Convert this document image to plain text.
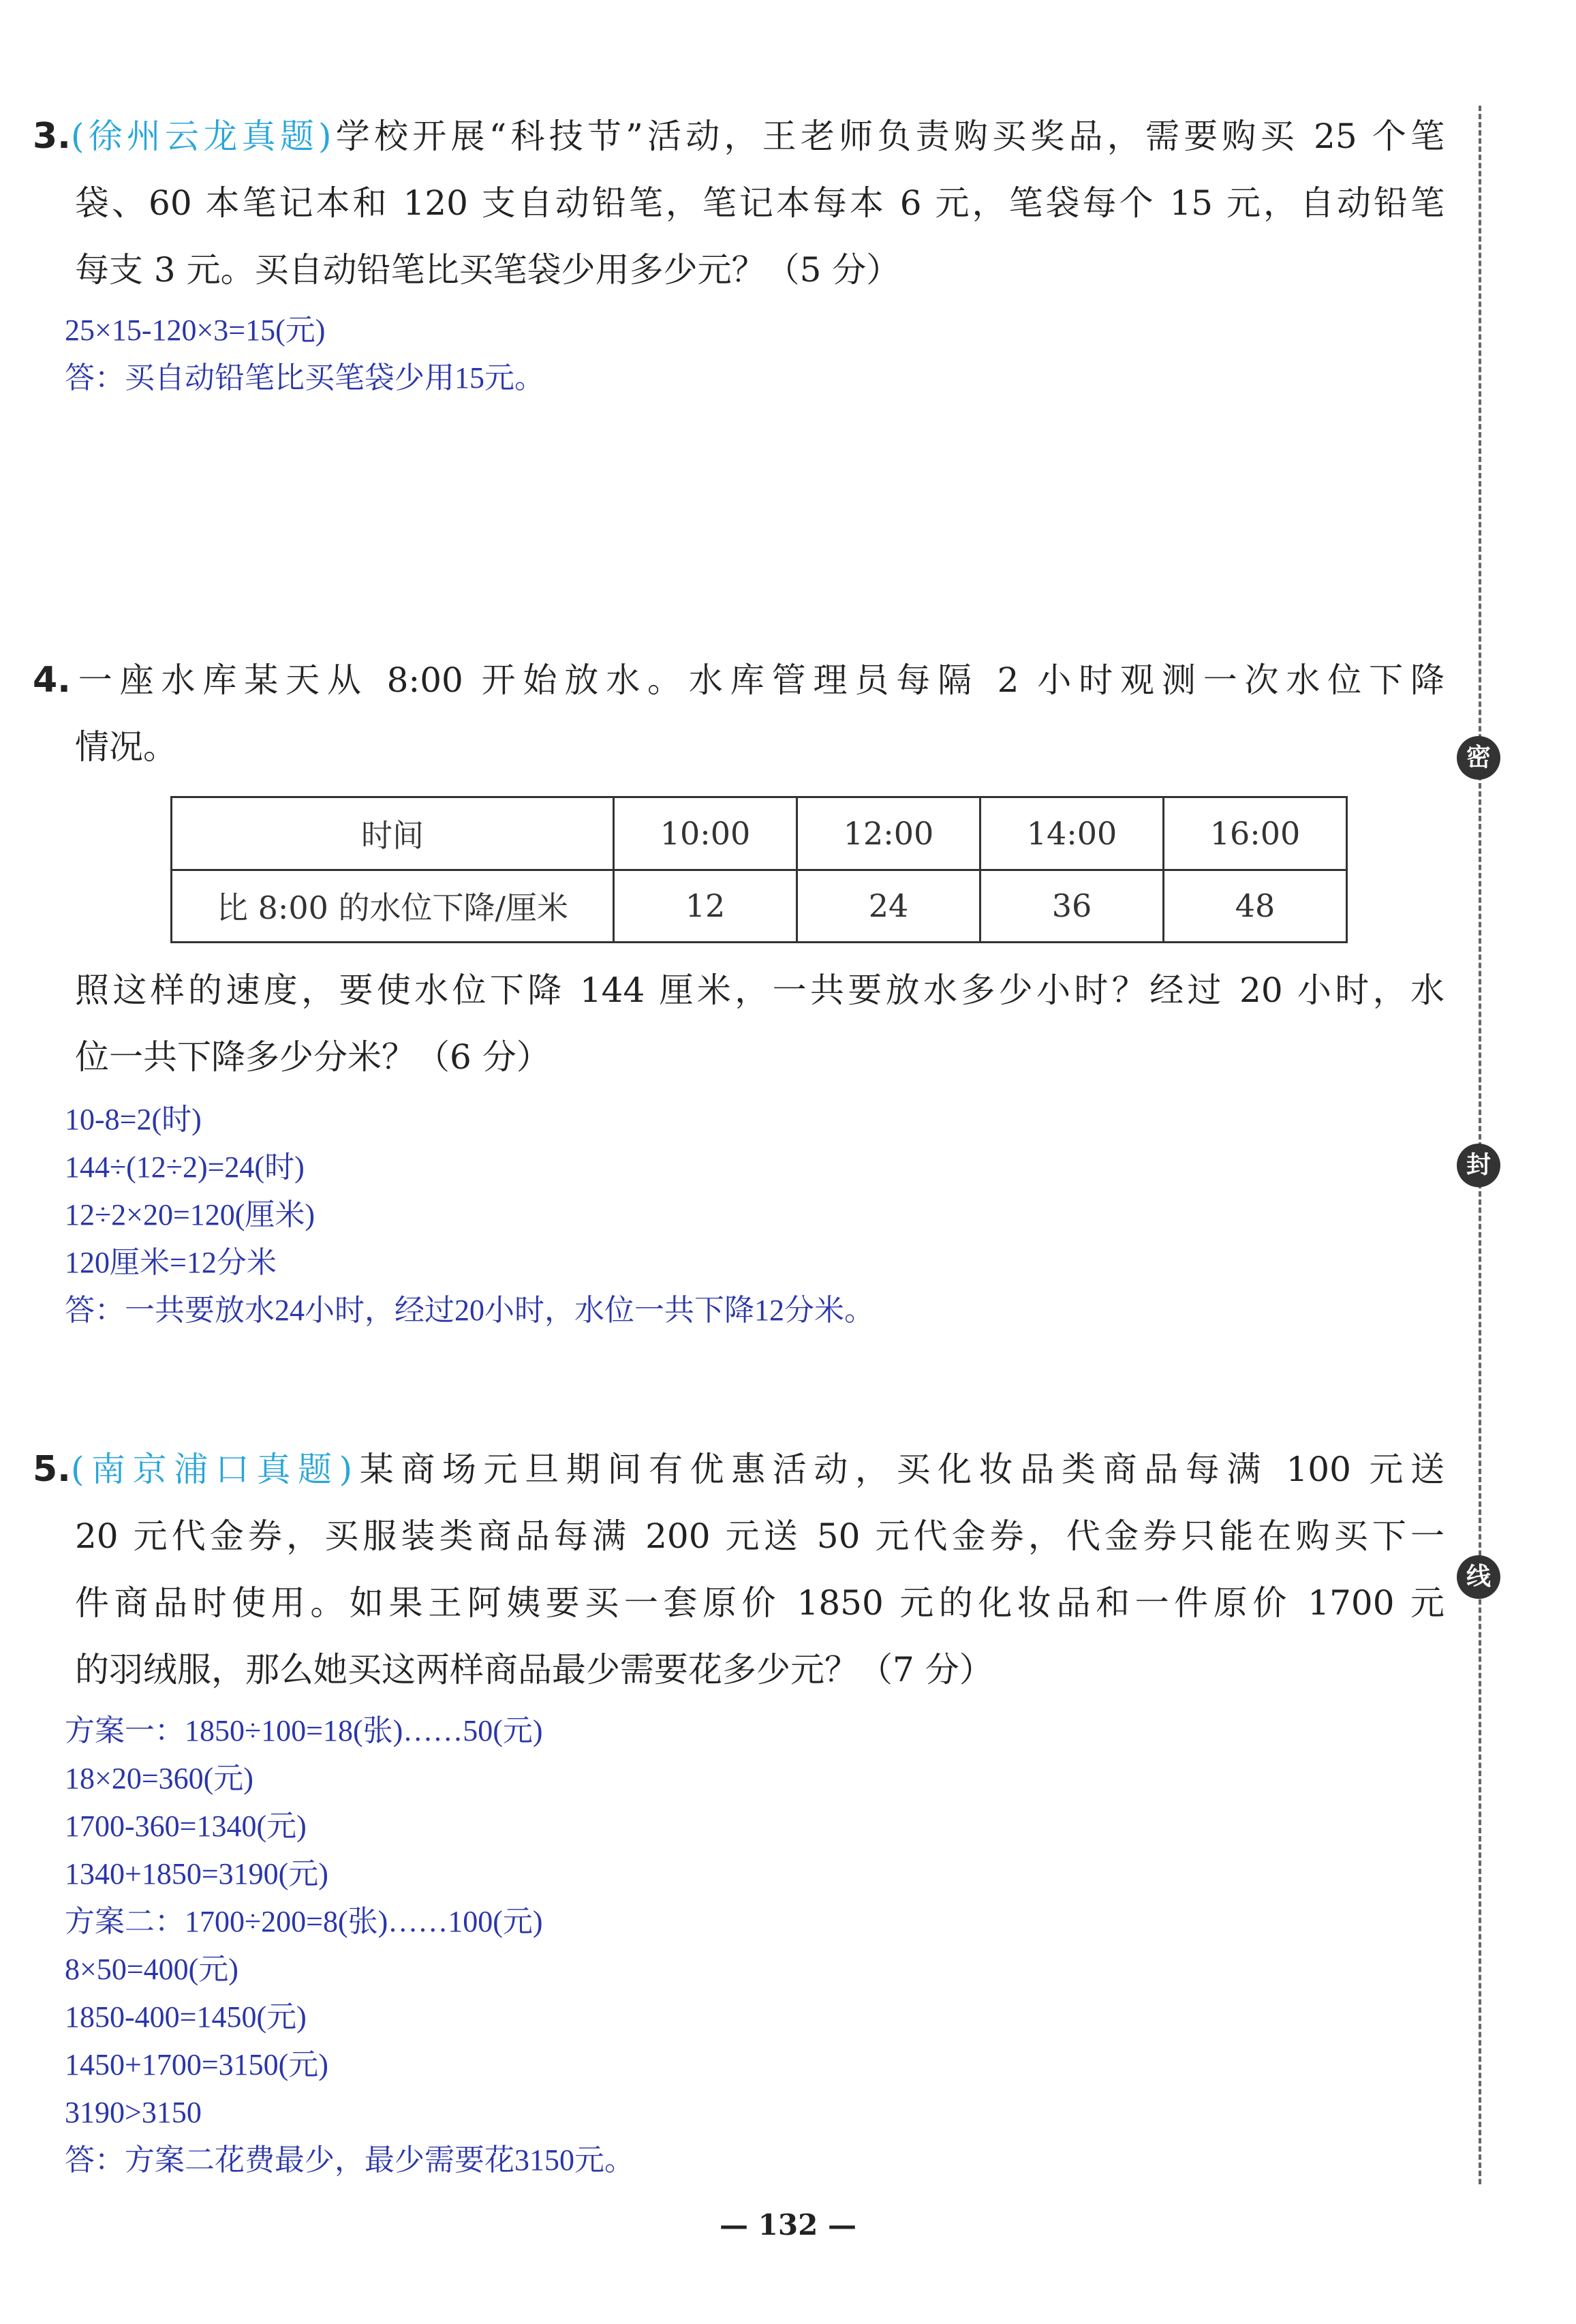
3.(徐州云龙真题)学校开展“科技节”活动，王老师负责购买奖品，需要购买 25 个笔
袋、60 本笔记本和 120 支自动铅笔，笔记本每本 6 元，笔袋每个 15 元，自动铅笔
每支 3 元。买自动铅笔比买笔袋少用多少元？（5 分）
25×15-120×3=15(元)
答：买自动铅笔比买笔袋少用15元。
4.一座水库某天从 8:00 开始放水。水库管理员每隔 2 小时观测一次水位下降
情况。
时间	10:00	12:00	14:00	16:00
比 8:00 的水位下降/厘米	12	24	36	48
照这样的速度，要使水位下降 144 厘米，一共要放水多少小时？经过 20 小时，水
位一共下降多少分米？（6 分）
10-8=2(时)
144÷(12÷2)=24(时)
12÷2×20=120(厘米)
120厘米=12分米
答：一共要放水24小时，经过20小时，水位一共下降12分米。
5.(南京浦口真题)某商场元旦期间有优惠活动，买化妆品类商品每满 100 元送
20 元代金券，买服装类商品每满 200 元送 50 元代金券，代金券只能在购买下一
件商品时使用。如果王阿姨要买一套原价 1850 元的化妆品和一件原价 1700 元
的羽绒服，那么她买这两样商品最少需要花多少元？（7 分）
方案一：1850÷100=18(张)……50(元)
18×20=360(元)
1700-360=1340(元)
1340+1850=3190(元)
方案二：1700÷200=8(张)……100(元)
8×50=400(元)
1850-400=1450(元)
1450+1700=3150(元)
3190>3150
答：方案二花费最少，最少需要花3150元。
密
封
线
— 132 —
